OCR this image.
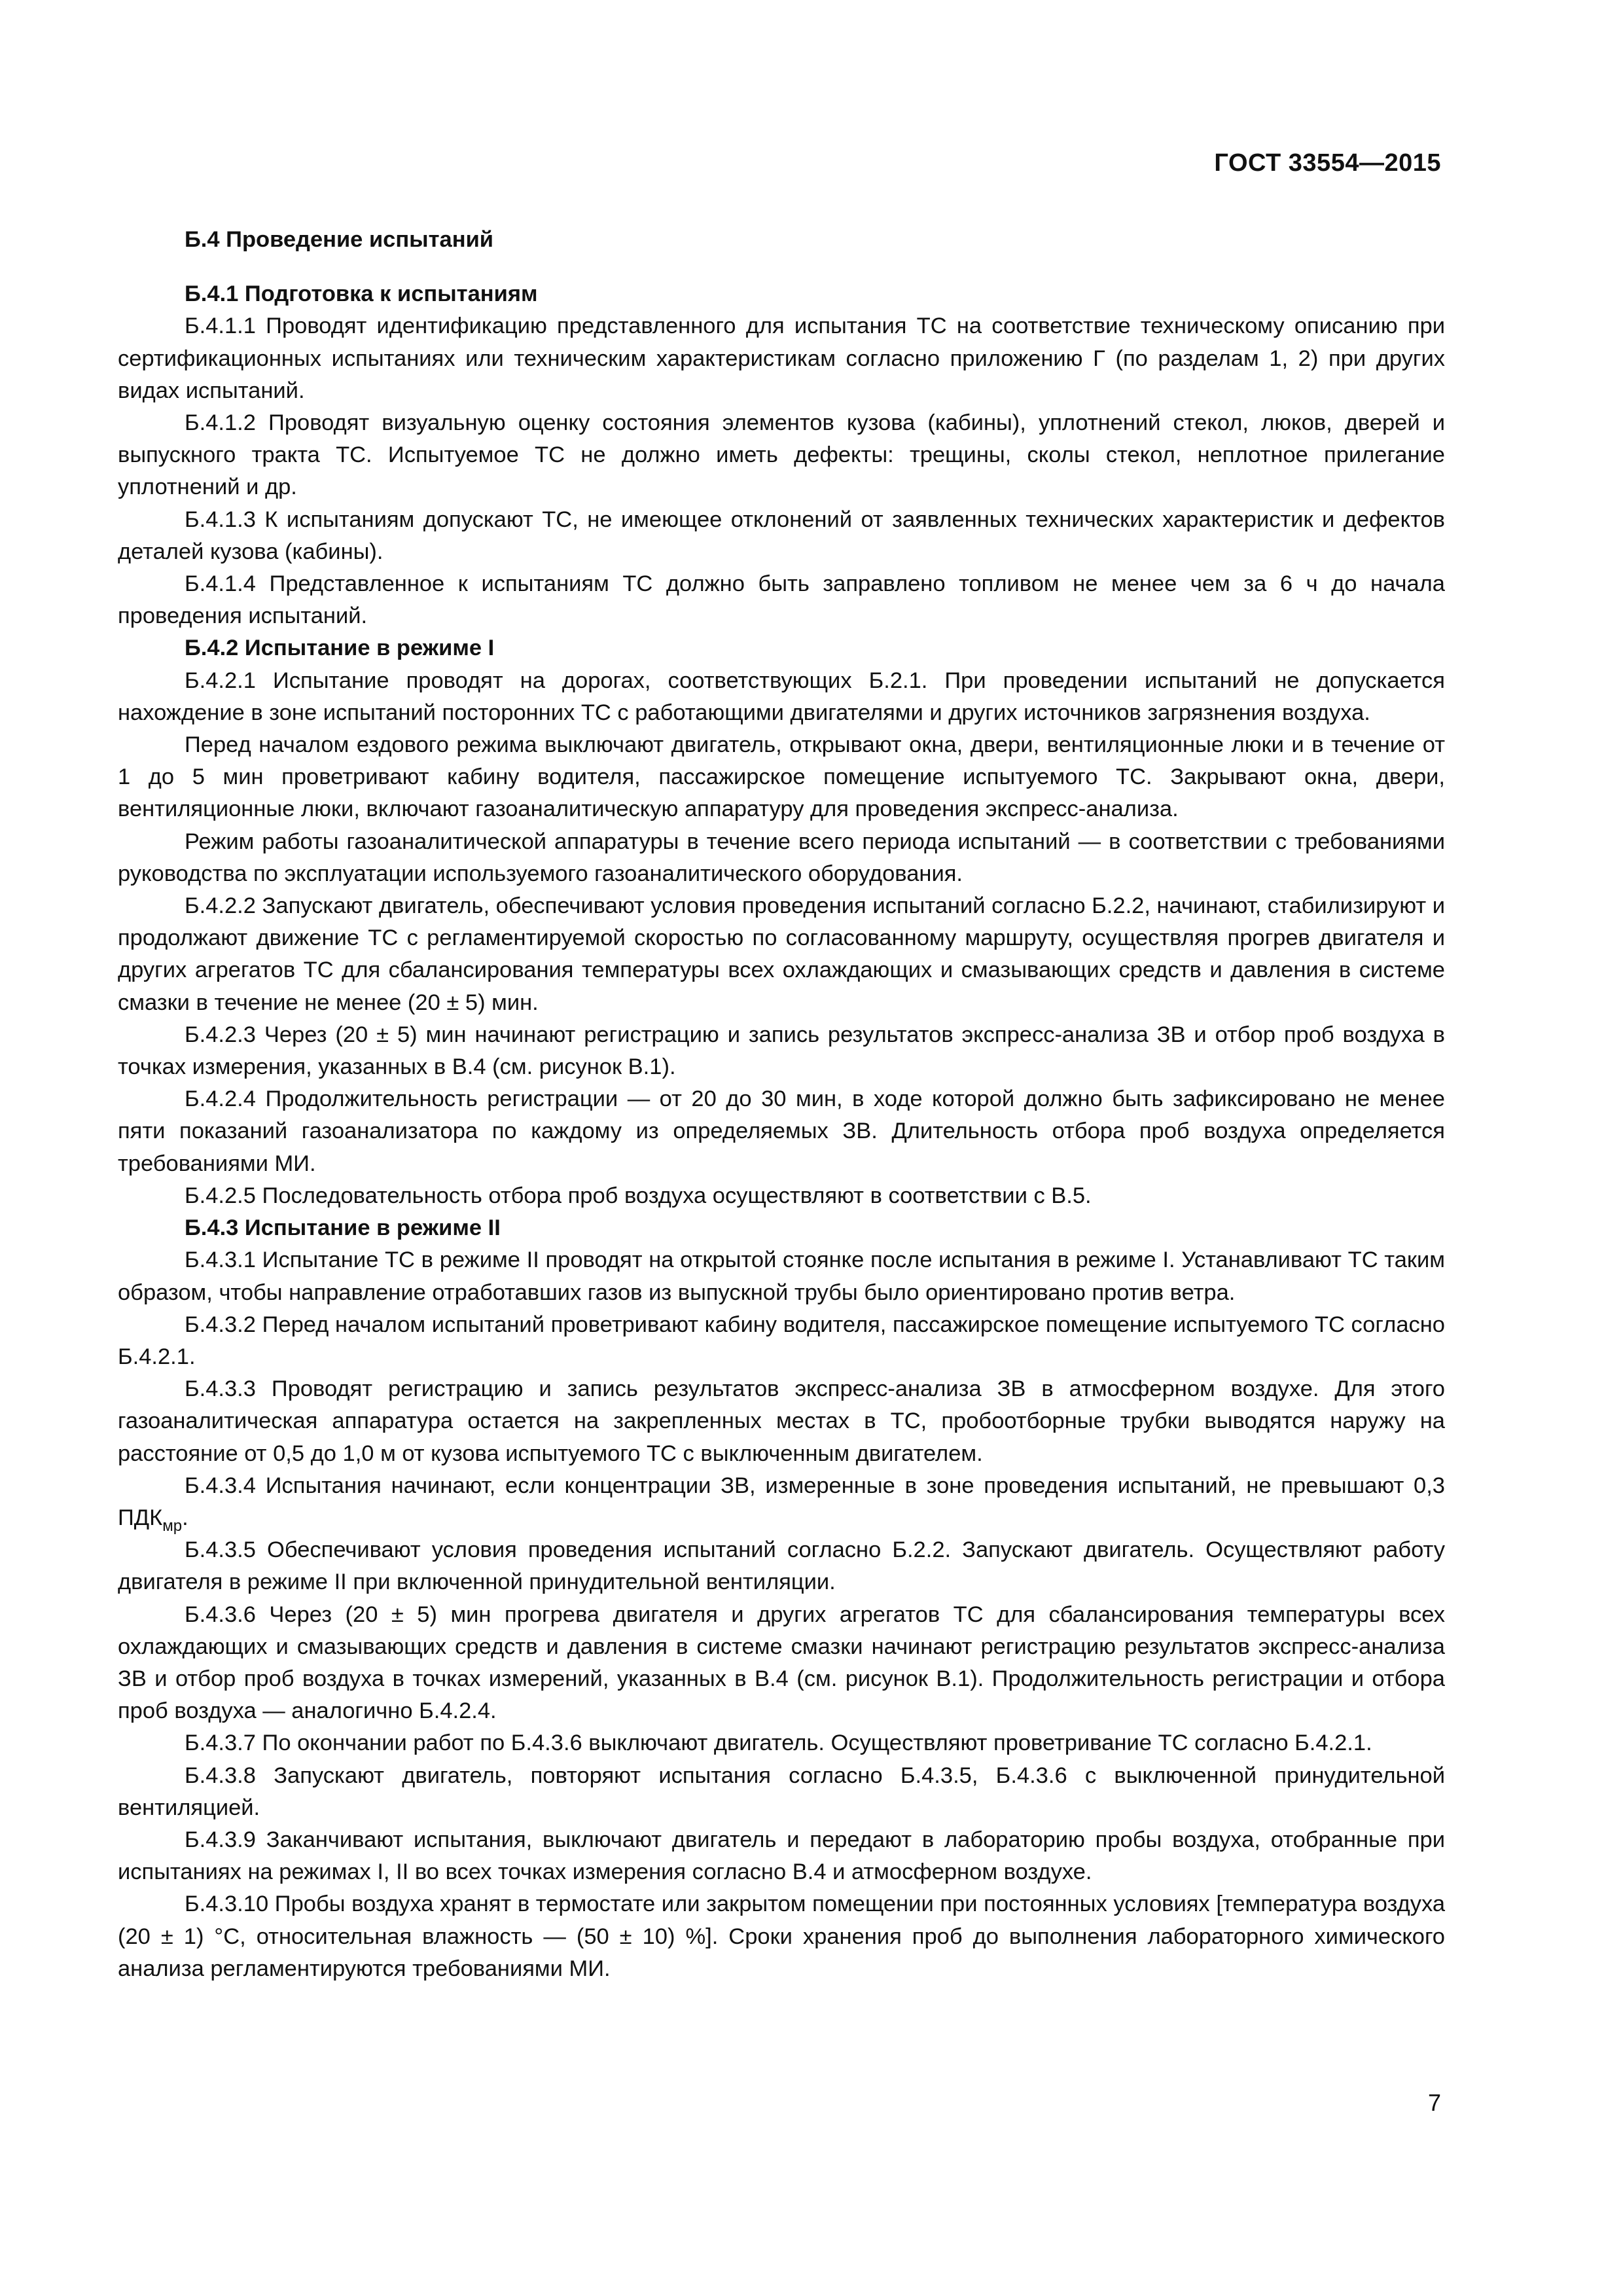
ГОСТ 33554—2015
Б.4 Проведение испытаний
Б.4.1 Подготовка к испытаниям
Б.4.1.1 Проводят идентификацию представленного для испытания ТС на соответствие техническому описанию при сертификационных испытаниях или техническим характеристикам согласно приложению Г (по разделам 1, 2) при других видах испытаний.
Б.4.1.2 Проводят визуальную оценку состояния элементов кузова (кабины), уплотнений стекол, люков, дверей и выпускного тракта ТС. Испытуемое ТС не должно иметь дефекты: трещины, сколы стекол, неплотное прилегание уплотнений и др.
Б.4.1.3 К испытаниям допускают ТС, не имеющее отклонений от заявленных технических характеристик и дефектов деталей кузова (кабины).
Б.4.1.4 Представленное к испытаниям ТС должно быть заправлено топливом не менее чем за 6 ч до начала проведения испытаний.
Б.4.2 Испытание в режиме I
Б.4.2.1 Испытание проводят на дорогах, соответствующих Б.2.1. При проведении испытаний не допускается нахождение в зоне испытаний посторонних ТС с работающими двигателями и других источников загрязнения воздуха.
Перед началом ездового режима выключают двигатель, открывают окна, двери, вентиляционные люки и в течение от 1 до 5 мин проветривают кабину водителя, пассажирское помещение испытуемого ТС. Закрывают окна, двери, вентиляционные люки, включают газоаналитическую аппаратуру для проведения экспресс-анализа.
Режим работы газоаналитической аппаратуры в течение всего периода испытаний — в соответствии с требованиями руководства по эксплуатации используемого газоаналитического оборудования.
Б.4.2.2 Запускают двигатель, обеспечивают условия проведения испытаний согласно Б.2.2, начинают, стабилизируют и продолжают движение ТС с регламентируемой скоростью по согласованному маршруту, осуществляя прогрев двигателя и других агрегатов ТС для сбалансирования температуры всех охлаждающих и смазывающих средств и давления в системе смазки в течение не менее (20 ± 5) мин.
Б.4.2.3 Через (20 ± 5) мин начинают регистрацию и запись результатов экспресс-анализа ЗВ и отбор проб воздуха в точках измерения, указанных в В.4 (см. рисунок В.1).
Б.4.2.4 Продолжительность регистрации — от 20 до 30 мин, в ходе которой должно быть зафиксировано не менее пяти показаний газоанализатора по каждому из определяемых ЗВ. Длительность отбора проб воздуха определяется требованиями МИ.
Б.4.2.5 Последовательность отбора проб воздуха осуществляют в соответствии с В.5.
Б.4.3 Испытание в режиме II
Б.4.3.1 Испытание ТС в режиме II проводят на открытой стоянке после испытания в режиме I. Устанавливают ТС таким образом, чтобы направление отработавших газов из выпускной трубы было ориентировано против ветра.
Б.4.3.2 Перед началом испытаний проветривают кабину водителя, пассажирское помещение испытуемого ТС согласно Б.4.2.1.
Б.4.3.3 Проводят регистрацию и запись результатов экспресс-анализа ЗВ в атмосферном воздухе. Для этого газоаналитическая аппаратура остается на закрепленных местах в ТС, пробоотборные трубки выводятся наружу на расстояние от 0,5 до 1,0 м от кузова испытуемого ТС с выключенным двигателем.
Б.4.3.4 Испытания начинают, если концентрации ЗВ, измеренные в зоне проведения испытаний, не превышают 0,3 $ПДК_{мр}$.
Б.4.3.5 Обеспечивают условия проведения испытаний согласно Б.2.2. Запускают двигатель. Осуществляют работу двигателя в режиме II при включенной принудительной вентиляции.
Б.4.3.6 Через (20 ± 5) мин прогрева двигателя и других агрегатов ТС для сбалансирования температуры всех охлаждающих и смазывающих средств и давления в системе смазки начинают регистрацию результатов экспресс-анализа ЗВ и отбор проб воздуха в точках измерений, указанных в В.4 (см. рисунок В.1). Продолжительность регистрации и отбора проб воздуха — аналогично Б.4.2.4.
Б.4.3.7 По окончании работ по Б.4.3.6 выключают двигатель. Осуществляют проветривание ТС согласно Б.4.2.1.
Б.4.3.8 Запускают двигатель, повторяют испытания согласно Б.4.3.5, Б.4.3.6 с выключенной принудительной вентиляцией.
Б.4.3.9 Заканчивают испытания, выключают двигатель и передают в лабораторию пробы воздуха, отобранные при испытаниях на режимах I, II во всех точках измерения согласно В.4 и атмосферном воздухе.
Б.4.3.10 Пробы воздуха хранят в термостате или закрытом помещении при постоянных условиях [температура воздуха (20 ± 1) °С, относительная влажность — (50 ± 10) %]. Сроки хранения проб до выполнения лабораторного химического анализа регламентируются требованиями МИ.
7
